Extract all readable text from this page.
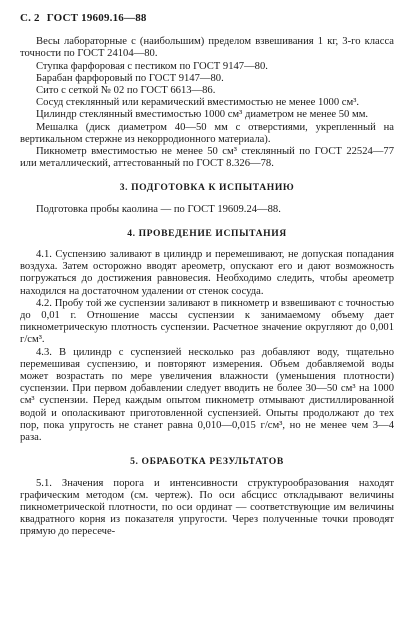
С. 2 ГОСТ 19609.16—88

Весы лабораторные с (наибольшим) пределом взвешивания 1 кг, 3-го класса точности по ГОСТ 24104—80.

Ступка фарфоровая с пестиком по ГОСТ 9147—80.

Барабан фарфоровый по ГОСТ 9147—80.

Сито с сеткой № 02 по ГОСТ 6613—86.

Сосуд стеклянный или керамический вместимостью не менее 1000 см³.

Цилиндр стеклянный вместимостью 1000 см³ диаметром не менее 50 мм.

Мешалка (диск диаметром 40—50 мм с отверстиями, укрепленный на вертикальном стержне из некорродионного материала).

Пикнометр вместимостью не менее 50 см³ стеклянный по ГОСТ 22524—77 или металлический, аттестованный по ГОСТ 8.326—78.

3. ПОДГОТОВКА К ИСПЫТАНИЮ

Подготовка пробы каолина — по ГОСТ 19609.24—88.

4. ПРОВЕДЕНИЕ ИСПЫТАНИЯ

4.1. Суспензию заливают в цилиндр и перемешивают, не допуская попадания воздуха. Затем осторожно вводят ареометр, опускают его и дают возможность погружаться до достижения равновесия. Необходимо следить, чтобы ареометр находился на достаточном удалении от стенок сосуда.

4.2. Пробу той же суспензии заливают в пикнометр и взвешивают с точностью до 0,01 г. Отношение массы суспензии к занимаемому объему дает пикнометрическую плотность суспензии. Расчетное значение округляют до 0,001 г/см³.

4.3. В цилиндр с суспензией несколько раз добавляют воду, тщательно перемешивая суспензию, и повторяют измерения. Объем добавляемой воды может возрастать по мере увеличения влажности (уменьшения плотности) суспензии. При первом добавлении следует вводить не более 30—50 см³ на 1000 см³ суспензии. Перед каждым опытом пикнометр отмывают дистиллированной водой и ополаскивают приготовленной суспензией. Опыты продолжают до тех пор, пока упругость не станет равна 0,010—0,015 г/см³, но не менее чем 3—4 раза.

5. ОБРАБОТКА РЕЗУЛЬТАТОВ

5.1. Значения порога и интенсивности структурообразования находят графическим методом (см. чертеж). По оси абсцисс откладывают величины пикнометрической плотности, по оси ординат — соответствующие им величины квадратного корня из показателя упругости. Через полученные точки проводят прямую до пересече-
